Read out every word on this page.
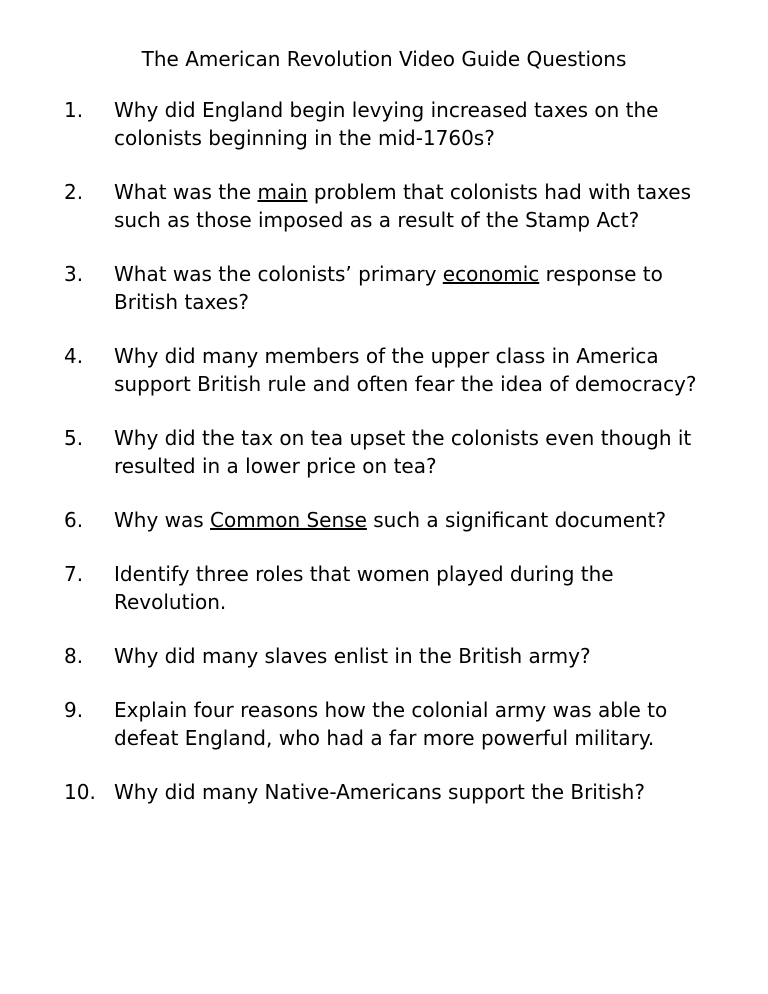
The American Revolution Video Guide Questions
1. Why did England begin levying increased taxes on the colonists beginning in the mid-1760s?
2. What was the main problem that colonists had with taxes such as those imposed as a result of the Stamp Act?
3. What was the colonists’ primary economic response to British taxes?
4. Why did many members of the upper class in America support British rule and often fear the idea of democracy?
5. Why did the tax on tea upset the colonists even though it resulted in a lower price on tea?
6. Why was Common Sense such a significant document?
7. Identify three roles that women played during the Revolution.
8. Why did many slaves enlist in the British army?
9. Explain four reasons how the colonial army was able to defeat England, who had a far more powerful military.
10. Why did many Native-Americans support the British?
